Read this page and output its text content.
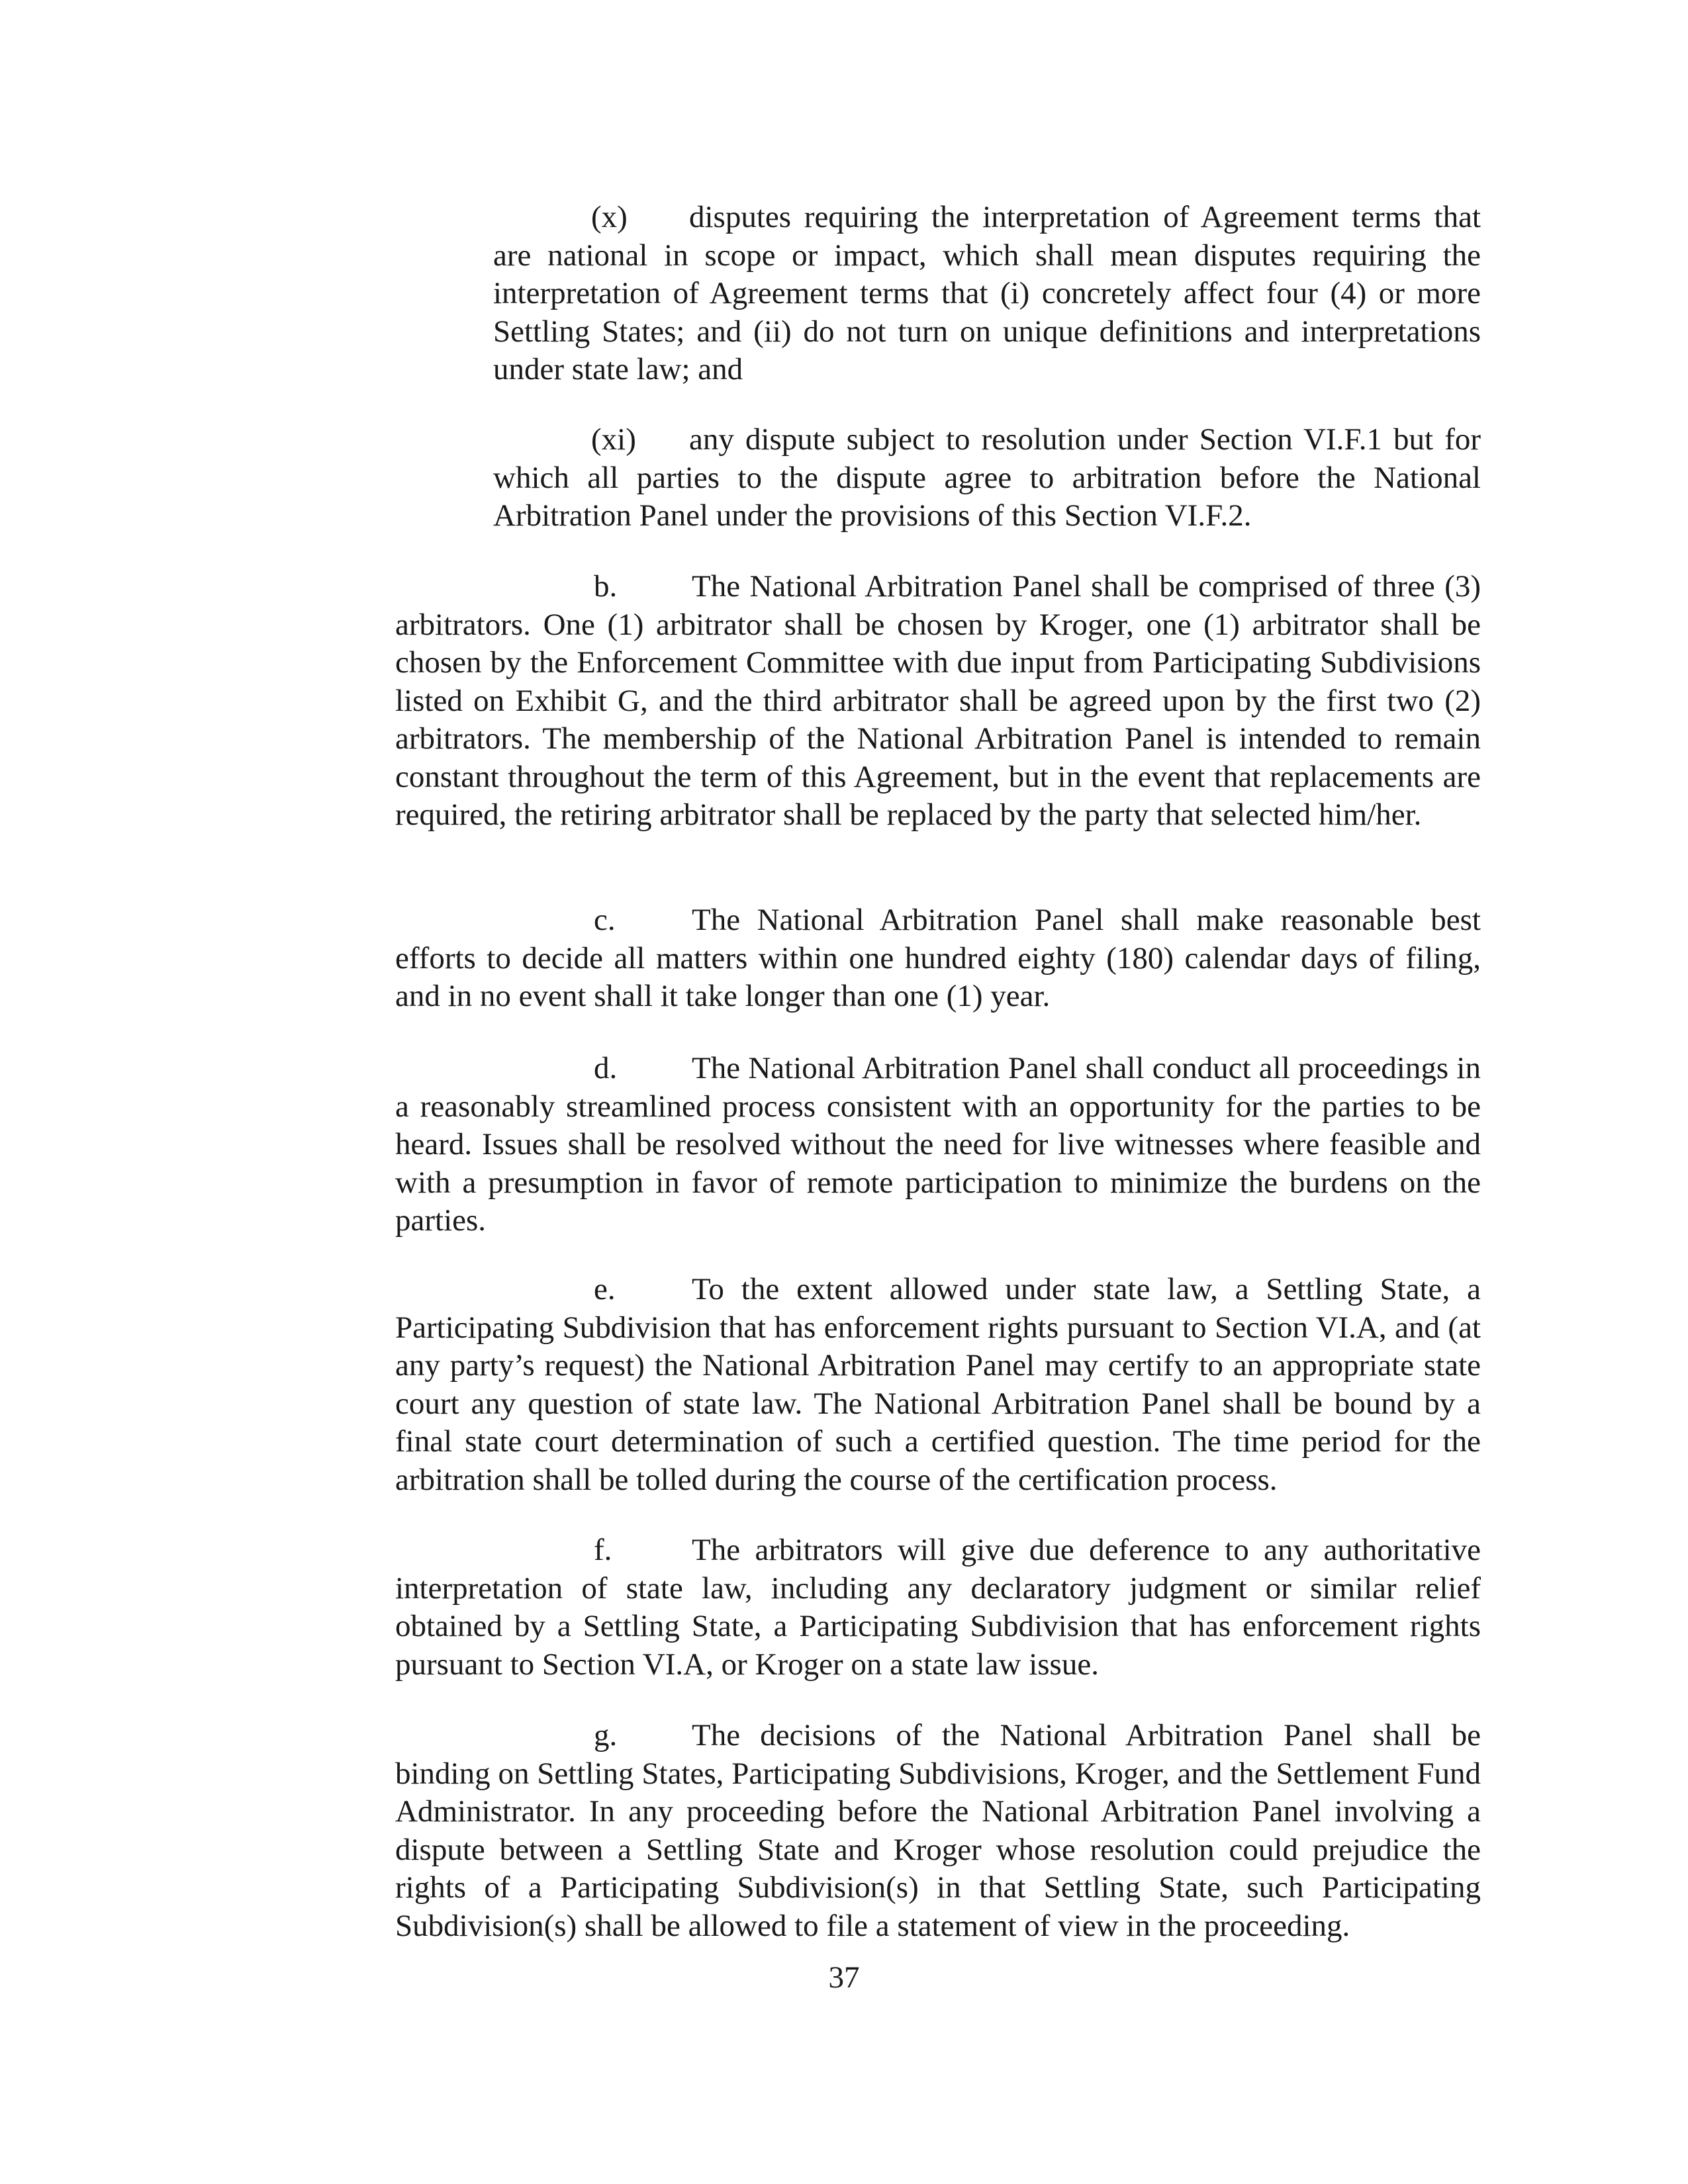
(x) disputes requiring the interpretation of Agreement terms that are national in scope or impact, which shall mean disputes requiring the interpretation of Agreement terms that (i) concretely affect four (4) or more Settling States; and (ii) do not turn on unique definitions and interpretations under state law; and

(xi) any dispute subject to resolution under Section VI.F.1 but for which all parties to the dispute agree to arbitration before the National Arbitration Panel under the provisions of this Section VI.F.2.

b. The National Arbitration Panel shall be comprised of three (3) arbitrators. One (1) arbitrator shall be chosen by Kroger, one (1) arbitrator shall be chosen by the Enforcement Committee with due input from Participating Subdivisions listed on Exhibit G, and the third arbitrator shall be agreed upon by the first two (2) arbitrators. The membership of the National Arbitration Panel is intended to remain constant throughout the term of this Agreement, but in the event that replacements are required, the retiring arbitrator shall be replaced by the party that selected him/her.

c. The National Arbitration Panel shall make reasonable best efforts to decide all matters within one hundred eighty (180) calendar days of filing, and in no event shall it take longer than one (1) year.

d. The National Arbitration Panel shall conduct all proceedings in a reasonably streamlined process consistent with an opportunity for the parties to be heard. Issues shall be resolved without the need for live witnesses where feasible and with a presumption in favor of remote participation to minimize the burdens on the parties.

e. To the extent allowed under state law, a Settling State, a Participating Subdivision that has enforcement rights pursuant to Section VI.A, and (at any party’s request) the National Arbitration Panel may certify to an appropriate state court any question of state law. The National Arbitration Panel shall be bound by a final state court determination of such a certified question. The time period for the arbitration shall be tolled during the course of the certification process.

f.	The arbitrators will give due deference to any authoritative interpretation of state law, including any declaratory judgment or similar relief obtained by a Settling State, a Participating Subdivision that has enforcement rights pursuant to Section VI.A, or Kroger on a state law issue.

g. The decisions of the National Arbitration Panel shall be binding on Settling States, Participating Subdivisions, Kroger, and the Settlement Fund Administrator. In any proceeding before the National Arbitration Panel involving a dispute between a Settling State and Kroger whose resolution could prejudice the rights of a Participating Subdivision(s) in that Settling State, such Participating Subdivision(s) shall be allowed to file a statement of view in the proceeding.

37
